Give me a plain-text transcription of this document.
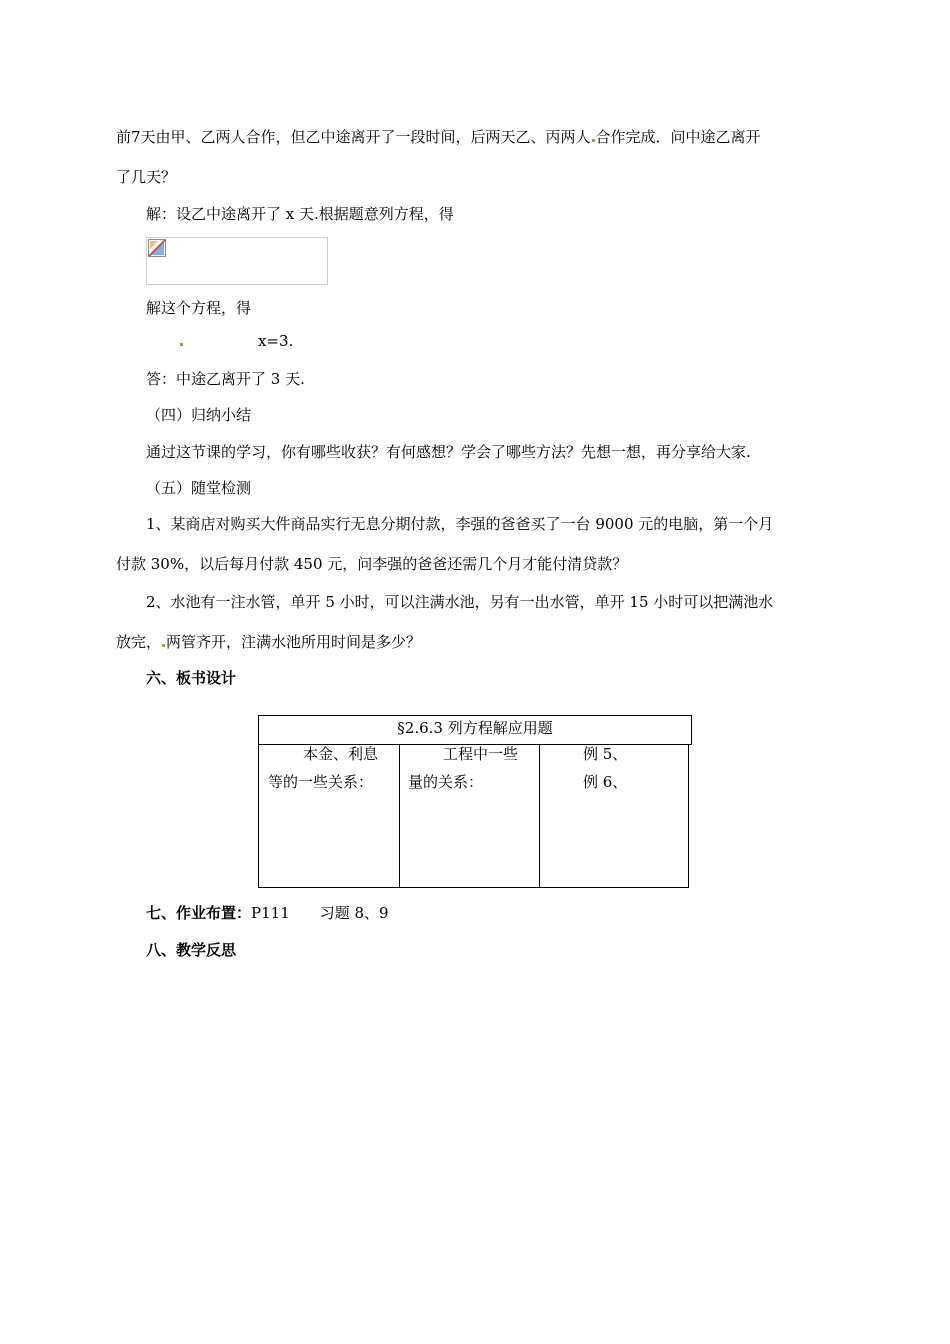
前7天由甲、乙两人合作，但乙中途离开了一段时间，后两天乙、丙两人 合作完成．问中途乙离开
了几天？
解：设乙中途离开了 x 天.根据题意列方程，得
解这个方程，得
x=3.
答：中途乙离开了 3 天.
（四）归纳小结
通过这节课的学习，你有哪些收获？有何感想？学会了哪些方法？先想一想，再分享给大家.
（五）随堂检测
1、某商店对购买大件商品实行无息分期付款，李强的爸爸买了一台 9000 元的电脑，第一个月
付款 30%，以后每月付款 450 元，问李强的爸爸还需几个月才能付清贷款？
2、水池有一注水管，单开 5 小时，可以注满水池，另有一出水管，单开 15 小时可以把满池水
放完， 两管齐开，注满水池所用时间是多少？
六、板书设计
§2.6.3 列方程解应用题
本金、利息
等的一些关系：
工程中一些
量的关系：
例 5、
例 6、
七、作业布置：P111　　习题 8、9
八、教学反思
